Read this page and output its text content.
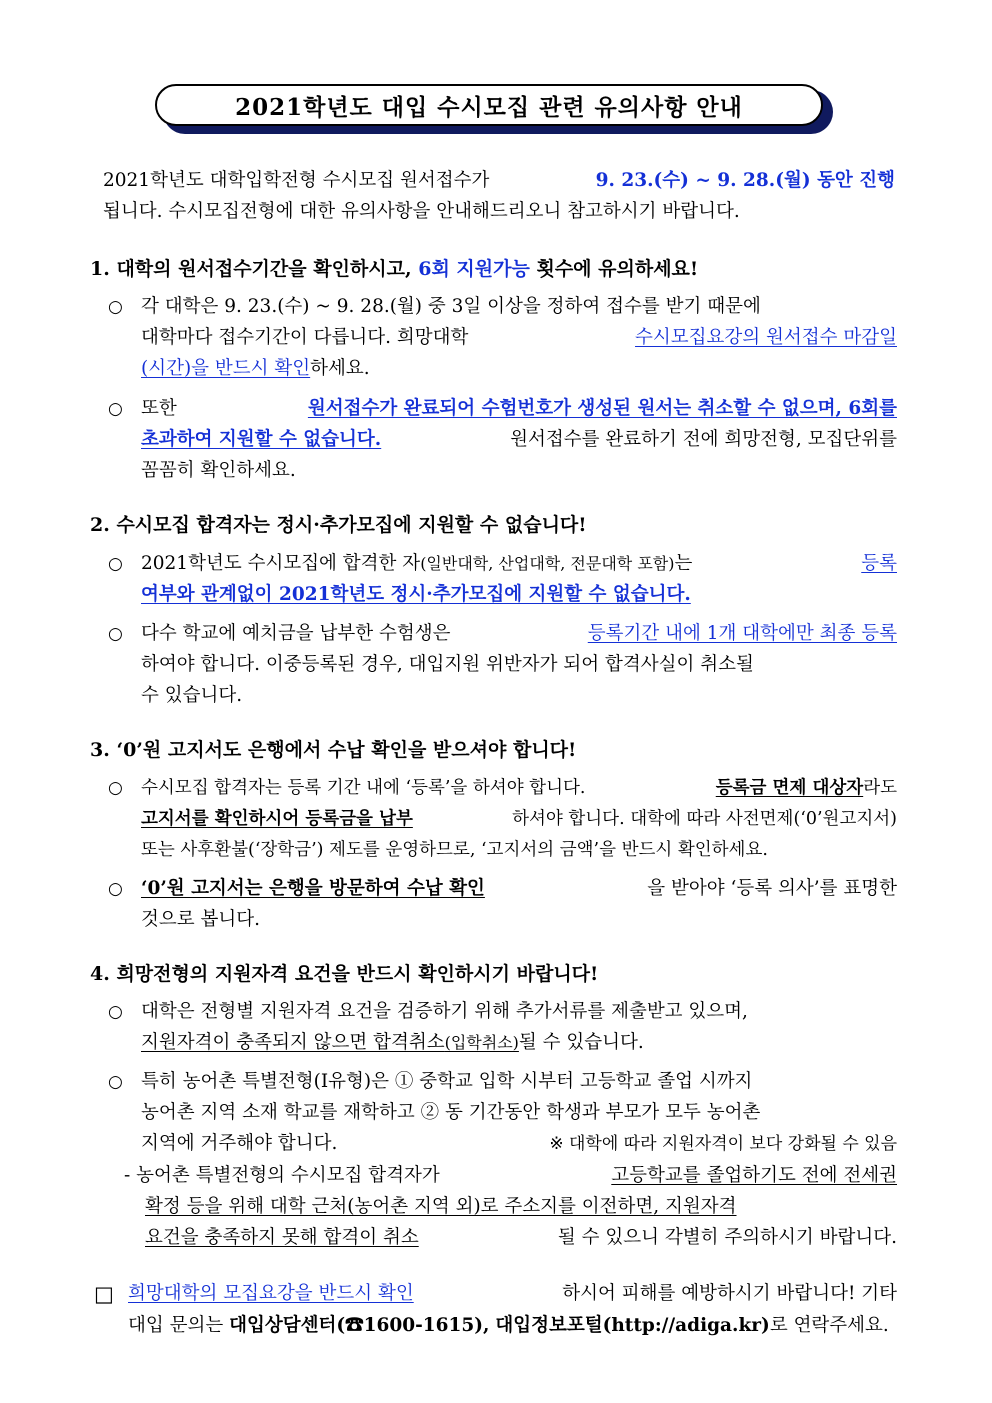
2021학년도 대입 수시모집 관련 유의사항 안내
2021학년도 대학입학전형 수시모집 원서접수가	9. 23.(수) ~ 9. 28.(월) 동안 진행
됩니다. 수시모집전형에 대한 유의사항을 안내해드리오니 참고하시기 바랍니다.
1. 대학의 원서접수기간을 확인하시고, 6회 지원가능 횟수에 유의하세요!
○ 각 대학은 9. 23.(수) ~ 9. 28.(월) 중 3일 이상을 정하여 접수를 받기 때문에
대학마다 접수기간이 다릅니다. 희망대학	수시모집요강의 원서접수 마감일
(시간)을 반드시 확인하세요.
○ 또한	원서접수가 완료되어 수험번호가 생성된 원서는 취소할 수 없으며, 6회를
초과하여 지원할 수 없습니다.	원서접수를 완료하기 전에 희망전형, 모집단위를
꼼꼼히 확인하세요.
2. 수시모집 합격자는 정시·추가모집에 지원할 수 없습니다!
○ 2021학년도 수시모집에 합격한 자(일반대학, 산업대학, 전문대학 포함)는	등록
여부와 관계없이 2021학년도 정시·추가모집에 지원할 수 없습니다.
○ 다수 학교에 예치금을 납부한 수험생은	등록기간 내에 1개 대학에만 최종 등록
하여야 합니다. 이중등록된 경우, 대입지원 위반자가 되어 합격사실이 취소될
수 있습니다.
3. ‘0’원 고지서도 은행에서 수납 확인을 받으셔야 합니다!
○ 수시모집 합격자는 등록 기간 내에 ‘등록’을 하셔야 합니다.	등록금 면제 대상자라도
고지서를 확인하시어 등록금을 납부	하셔야 합니다. 대학에 따라 사전면제(‘0’원고지서)
또는 사후환불(‘장학금’) 제도를 운영하므로, ‘고지서의 금액’을 반드시 확인하세요.
○ ‘0’원 고지서는 은행을 방문하여 수납 확인	을 받아야 ‘등록 의사’를 표명한
것으로 봅니다.
4. 희망전형의 지원자격 요건을 반드시 확인하시기 바랍니다!
○ 대학은 전형별 지원자격 요건을 검증하기 위해 추가서류를 제출받고 있으며,
지원자격이 충족되지 않으면 합격취소(입학취소)될 수 있습니다.
○ 특히 농어촌 특별전형(I유형)은 ① 중학교 입학 시부터 고등학교 졸업 시까지
농어촌 지역 소재 학교를 재학하고 ② 동 기간동안 학생과 부모가 모두 농어촌
지역에 거주해야 합니다.	※ 대학에 따라 지원자격이 보다 강화될 수 있음
- 농어촌 특별전형의 수시모집 합격자가	고등학교를 졸업하기도 전에 전세권
확정 등을 위해 대학 근처(농어촌 지역 외)로 주소지를 이전하면, 지원자격
요건을 충족하지 못해 합격이 취소	될 수 있으니 각별히 주의하시기 바랍니다.
□ 희망대학의 모집요강을 반드시 확인	하시어 피해를 예방하시기 바랍니다! 기타
대입 문의는 대입상담센터(☎1600-1615), 대입정보포털(http://adiga.kr)로 연락주세요.
